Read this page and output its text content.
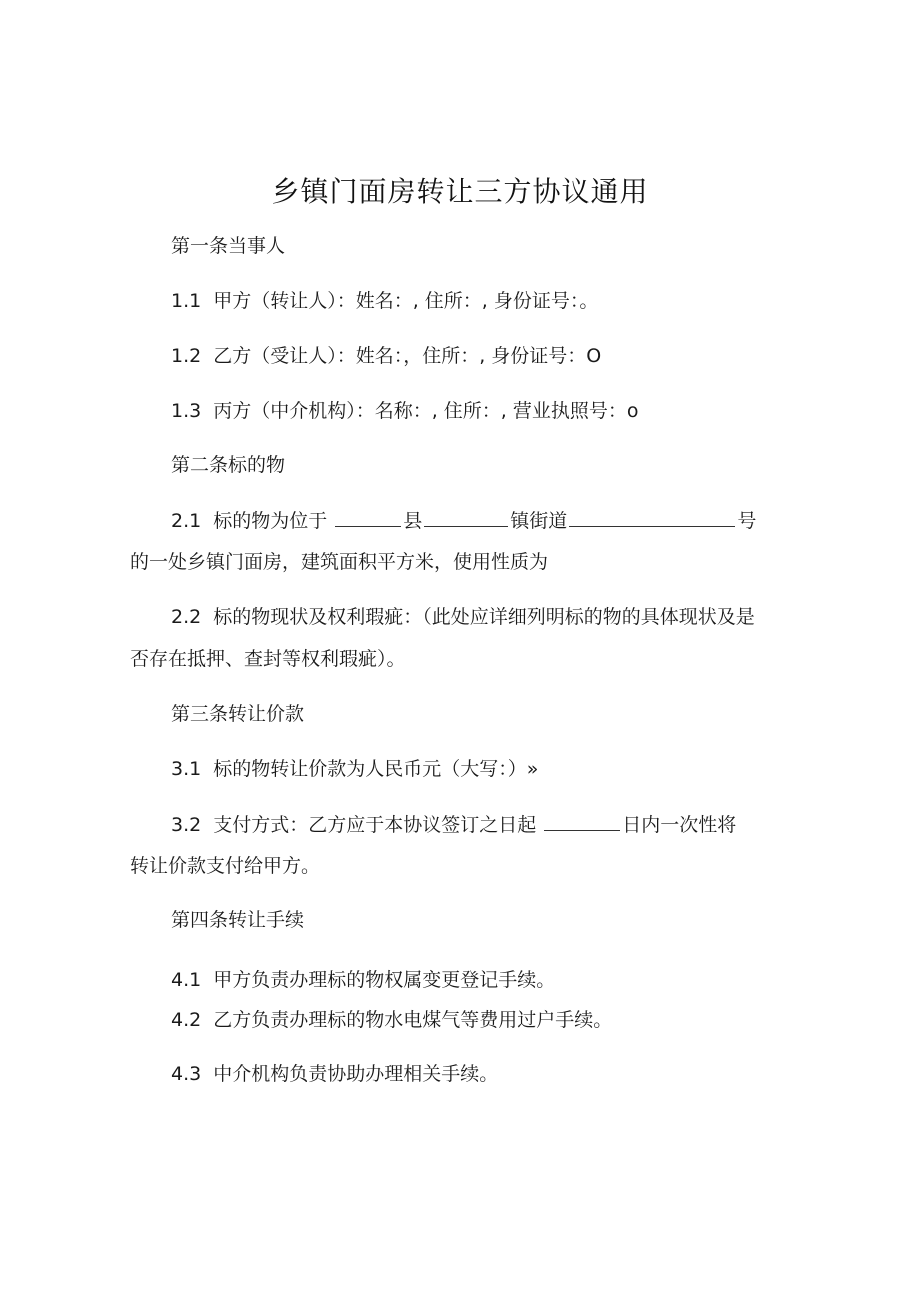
乡镇门面房转让三方协议通用
第一条当事人
1.1 甲方（转让人）：姓名：, 住所：, 身份证号：。
1.2 乙方（受让人）：姓名：，住所：, 身份证号：O
1.3 丙方（中介机构）：名称：, 住所：, 营业执照号：o
第二条标的物
2.1 标的物为位于	县	镇街道	号
的一处乡镇门面房，建筑面积平方米，使用性质为
2.2 标的物现状及权利瑕疵：（此处应详细列明标的物的具体现状及是
否存在抵押、查封等权利瑕疵）。
第三条转让价款
3.1 标的物转让价款为人民币元（大写：）»
3.2 支付方式：乙方应于本协议签订之日起	日内一次性将
转让价款支付给甲方。
第四条转让手续
4.1 甲方负责办理标的物权属变更登记手续。
4.2 乙方负责办理标的物水电煤气等费用过户手续。
4.3 中介机构负责协助办理相关手续。
